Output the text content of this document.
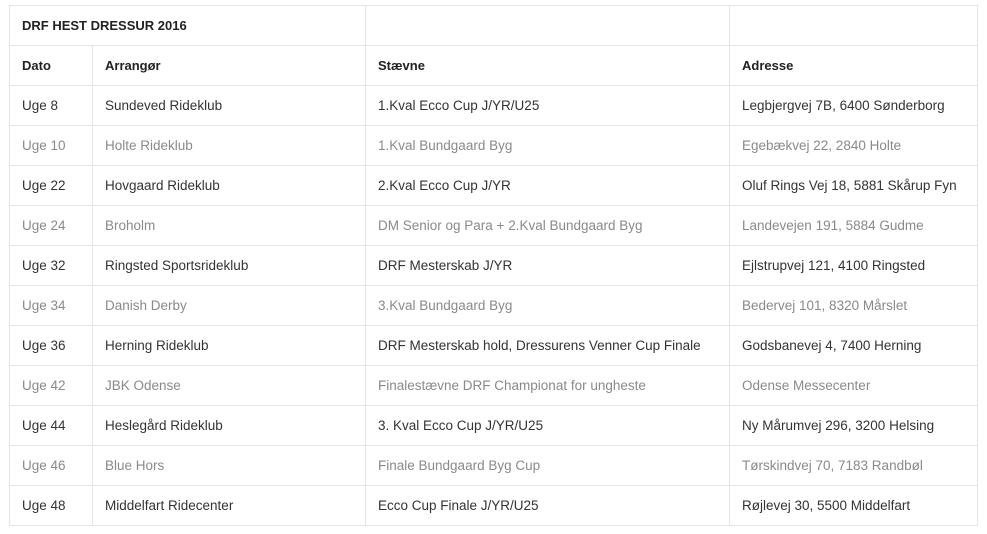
DRF HEST DRESSUR 2016			
Dato	Arrangør	Stævne	Adresse
Uge 8	Sundeved Rideklub	1.Kval Ecco Cup J/YR/U25	Legbjergvej 7B, 6400 Sønderborg
Uge 10	Holte Rideklub	1.Kval Bundgaard Byg	Egebækvej 22, 2840 Holte
Uge 22	Hovgaard Rideklub	2.Kval Ecco Cup J/YR	Oluf Rings Vej 18, 5881 Skårup Fyn
Uge 24	Broholm	DM Senior og Para + 2.Kval Bundgaard Byg	Landevejen 191, 5884 Gudme
Uge 32	Ringsted Sportsrideklub	DRF Mesterskab J/YR	Ejlstrupvej 121, 4100 Ringsted
Uge 34	Danish Derby	3.Kval Bundgaard Byg	Bedervej 101, 8320 Mårslet
Uge 36	Herning Rideklub	DRF Mesterskab hold, Dressurens Venner Cup Finale	Godsbanevej 4, 7400 Herning
Uge 42	JBK Odense	Finalestævne DRF Championat for ungheste	Odense Messecenter
Uge 44	Heslegård Rideklub	3. Kval Ecco Cup J/YR/U25	Ny Mårumvej 296, 3200 Helsing
Uge 46	Blue Hors	Finale Bundgaard Byg Cup	Tørskindvej 70, 7183 Randbøl
Uge 48	Middelfart Ridecenter	Ecco Cup Finale J/YR/U25	Røjlevej 30, 5500 Middelfart
